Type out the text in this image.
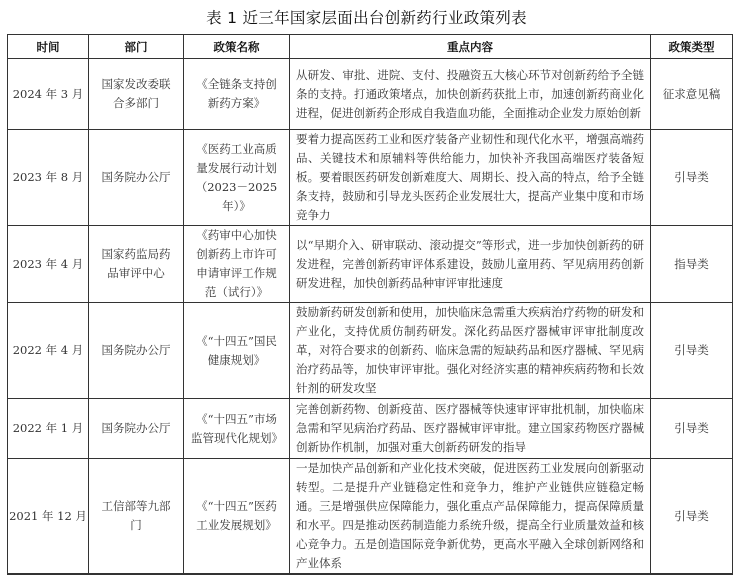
表 1 近三年国家层面出台创新药行业政策列表
时间	部门	政策名称	重点内容	政策类型
2024 年 3 月	国家发改委联合多部门	《全链条支持创新药方案》	从研发、审批、进院、支付、投融资五大核心环节对创新药给予全链条的支持。打通政策堵点，加快创新药获批上市，加速创新药商业化进程，促进创新药企形成自我造血功能，全面推动企业发力原始创新	征求意见稿
2023 年 8 月	国务院办公厅	《医药工业高质量发展行动计划（2023－2025年）》	要着力提高医药工业和医疗装备产业韧性和现代化水平，增强高端药品、关键技术和原辅料等供给能力，加快补齐我国高端医疗装备短板。要着眼医药研发创新难度大、周期长、投入高的特点，给予全链条支持，鼓励和引导龙头医药企业发展壮大，提高产业集中度和市场竞争力	引导类
2023 年 4 月	国家药监局药品审评中心	《药审中心加快创新药上市许可申请审评工作规范（试行）》	以“早期介入、研审联动、滚动提交”等形式，进一步加快创新药的研发进程，完善创新药审评体系建设，鼓励儿童用药、罕见病用药创新研发进程，加快创新药品种审评审批速度	指导类
2022 年 4 月	国务院办公厅	《“十四五”国民健康规划》	鼓励新药研发创新和使用，加快临床急需重大疾病治疗药物的研发和产业化，支持优质仿制药研发。深化药品医疗器械审评审批制度改革，对符合要求的创新药、临床急需的短缺药品和医疗器械、罕见病治疗药品等，加快审评审批。强化对经济实惠的精神疾病药物和长效针剂的研发攻坚	引导类
2022 年 1 月	国务院办公厅	《“十四五”市场监管现代化规划》	完善创新药物、创新疫苗、医疗器械等快速审评审批机制，加快临床急需和罕见病治疗药品、医疗器械审评审批。建立国家药物医疗器械创新协作机制，加强对重大创新药研发的指导	引导类
2021 年 12 月	工信部等九部门	《“十四五”医药工业发展规划》	一是加快产品创新和产业化技术突破，促进医药工业发展向创新驱动转型。二是提升产业链稳定性和竞争力，维护产业链供应链稳定畅通。三是增强供应保障能力，强化重点产品保障能力，提高保障质量和水平。四是推动医药制造能力系统升级，提高全行业质量效益和核心竞争力。五是创造国际竞争新优势，更高水平融入全球创新网络和产业体系	引导类
